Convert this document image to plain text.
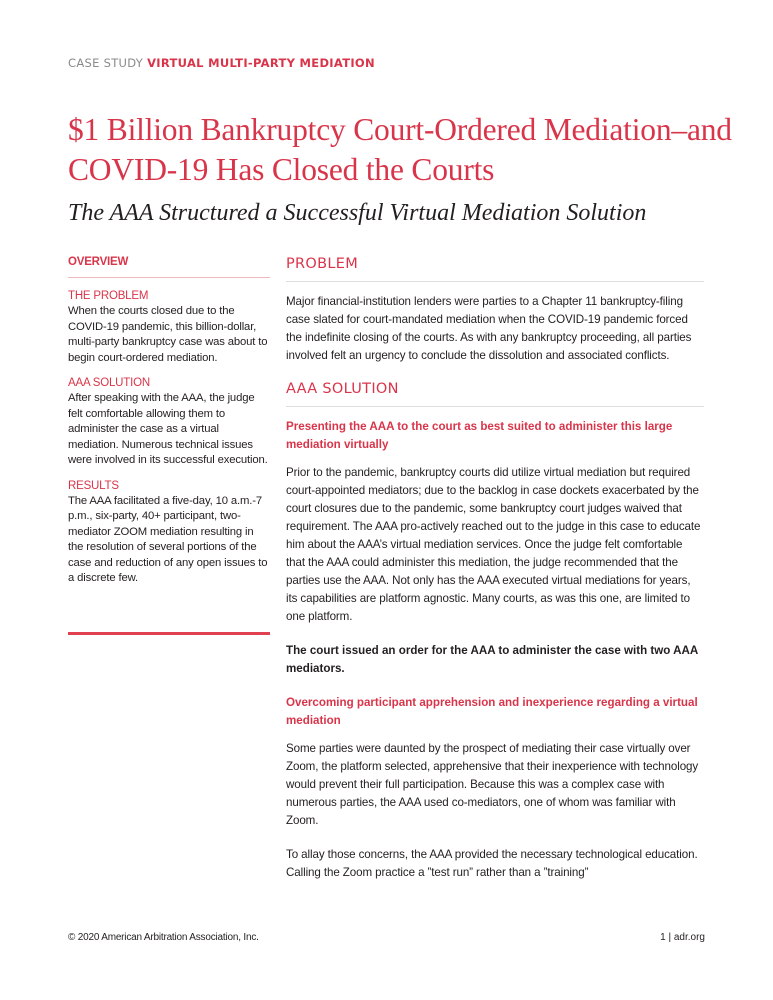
CASE STUDY VIRTUAL MULTI-PARTY MEDIATION
$1 Billion Bankruptcy Court-Ordered Mediation–and COVID-19 Has Closed the Courts
The AAA Structured a Successful Virtual Mediation Solution
OVERVIEW
THE PROBLEM
When the courts closed due to the COVID-19 pandemic, this billion-dollar, multi-party bankruptcy case was about to begin court-ordered mediation.
AAA SOLUTION
After speaking with the AAA, the judge felt comfortable allowing them to administer the case as a virtual mediation. Numerous technical issues were involved in its successful execution.
RESULTS
The AAA facilitated a five-day, 10 a.m.-7 p.m., six-party, 40+ participant, two-mediator ZOOM mediation resulting in the resolution of several portions of the case and reduction of any open issues to a discrete few.
PROBLEM

Major financial-institution lenders were parties to a Chapter 11 bankruptcy-filing case slated for court-mandated mediation when the COVID-19 pandemic forced the indefinite closing of the courts. As with any bankruptcy proceeding, all parties involved felt an urgency to conclude the dissolution and associated conflicts.

AAA SOLUTION

Presenting the AAA to the court as best suited to administer this large mediation virtually

Prior to the pandemic, bankruptcy courts did utilize virtual mediation but required court-appointed mediators; due to the backlog in case dockets exacerbated by the court closures due to the pandemic, some bankruptcy court judges waived that requirement. The AAA pro-actively reached out to the judge in this case to educate him about the AAA’s virtual mediation services. Once the judge felt comfortable that the AAA could administer this mediation, the judge recommended that the parties use the AAA. Not only has the AAA executed virtual mediations for years, its capabilities are platform agnostic. Many courts, as was this one, are limited to one platform.

The court issued an order for the AAA to administer the case with two AAA mediators.

Overcoming participant apprehension and inexperience regarding a virtual mediation

Some parties were daunted by the prospect of mediating their case virtually over Zoom, the platform selected, apprehensive that their inexperience with technology would prevent their full participation. Because this was a complex case with numerous parties, the AAA used co-mediators, one of whom was familiar with Zoom.

To allay those concerns, the AAA provided the necessary technological education. Calling the Zoom practice a ”test run” rather than a ”training”

© 2020 American Arbitration Association, Inc.	1 | adr.org
